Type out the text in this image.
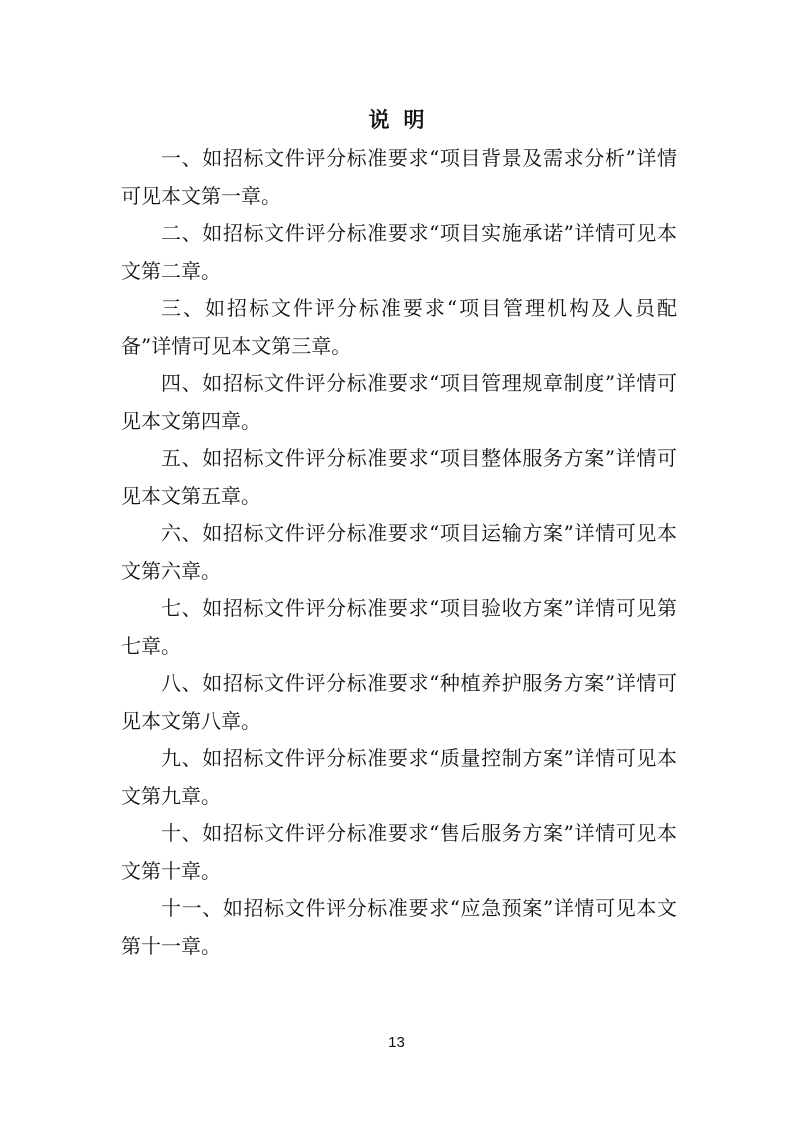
说 明

一、如招标文件评分标准要求“项目背景及需求分析”详情可见本文第一章。

二、如招标文件评分标准要求“项目实施承诺”详情可见本文第二章。

三、如招标文件评分标准要求“项目管理机构及人员配备”详情可见本文第三章。

四、如招标文件评分标准要求“项目管理规章制度”详情可见本文第四章。

五、如招标文件评分标准要求“项目整体服务方案”详情可见本文第五章。

六、如招标文件评分标准要求“项目运输方案”详情可见本文第六章。

七、如招标文件评分标准要求“项目验收方案”详情可见第七章。

八、如招标文件评分标准要求“种植养护服务方案”详情可见本文第八章。

九、如招标文件评分标准要求“质量控制方案”详情可见本文第九章。

十、如招标文件评分标准要求“售后服务方案”详情可见本文第十章。

十一、如招标文件评分标准要求“应急预案”详情可见本文第十一章。

13
